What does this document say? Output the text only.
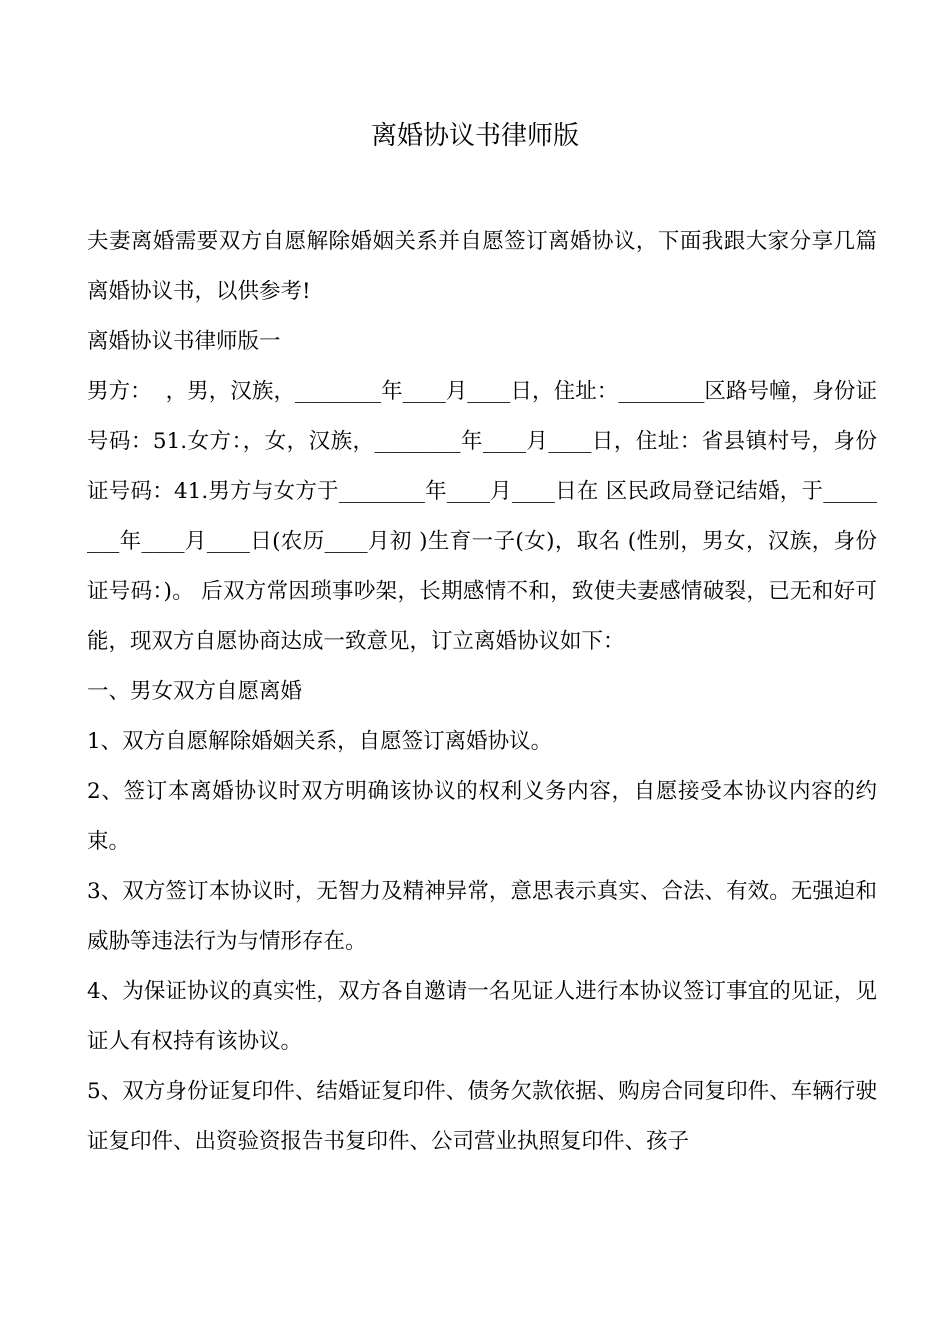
离婚协议书律师版

夫妻离婚需要双方自愿解除婚姻关系并自愿签订离婚协议，下面我跟大家分享几篇离婚协议书，以供参考!

离婚协议书律师版一

男方：  ，男，汉族，________年____月____日，住址：________区路号幢，身份证号码：51.女方：，女，汉族，________年____月____日，住址：省县镇村号，身份证号码：41.男方与女方于________年____月____日在 区民政局登记结婚，于________年____月____日(农历____月初 )生育一子(女)，取名 (性别，男女，汉族，身份证号码：)。 后双方常因琐事吵架，长期感情不和，致使夫妻感情破裂，已无和好可能，现双方自愿协商达成一致意见，订立离婚协议如下：

一、男女双方自愿离婚

1、双方自愿解除婚姻关系，自愿签订离婚协议。

2、签订本离婚协议时双方明确该协议的权利义务内容，自愿接受本协议内容的约束。

3、双方签订本协议时，无智力及精神异常，意思表示真实、合法、有效。无强迫和威胁等违法行为与情形存在。

4、为保证协议的真实性，双方各自邀请一名见证人进行本协议签订事宜的见证，见证人有权持有该协议。

5、双方身份证复印件、结婚证复印件、债务欠款依据、购房合同复印件、车辆行驶证复印件、出资验资报告书复印件、公司营业执照复印件、孩子
